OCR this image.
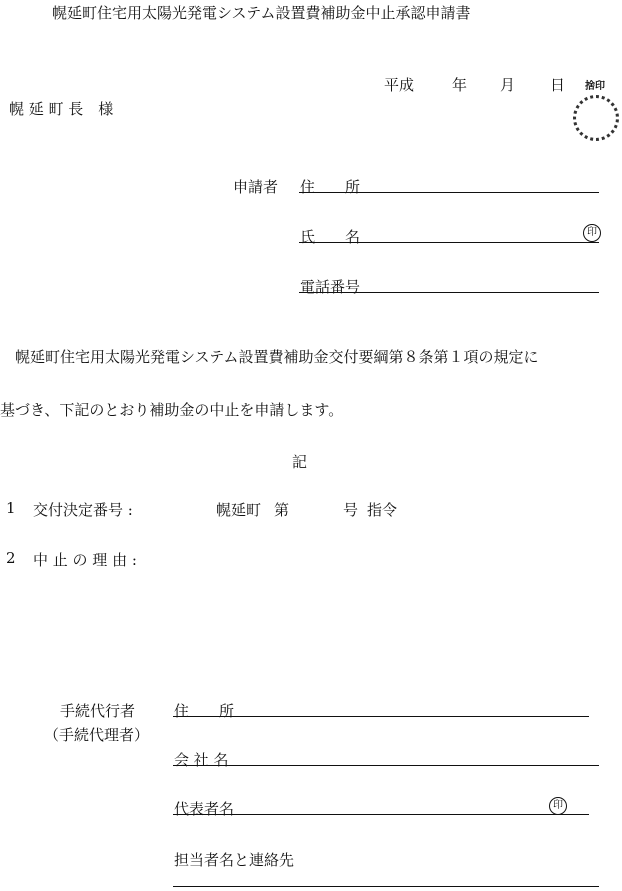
幌延町住宅用太陽光発電システム設置費補助金中止承認申請書
平成	年 月 日 捨印
幌 延 町 長　様
申請者 住　　所
氏　　名	印
電話番号
幌延町住宅用太陽光発電システム設置費補助金交付要綱第８条第１項の規定に
基づき、下記のとおり補助金の中止を申請します。
記
1 交付決定番号 :	幌延町 第	号 指令
2 中 止 の 理 由 :
手続代行者
（手続代理者）
住　　所
会 社 名
代表者名	印
担当者名と連絡先
